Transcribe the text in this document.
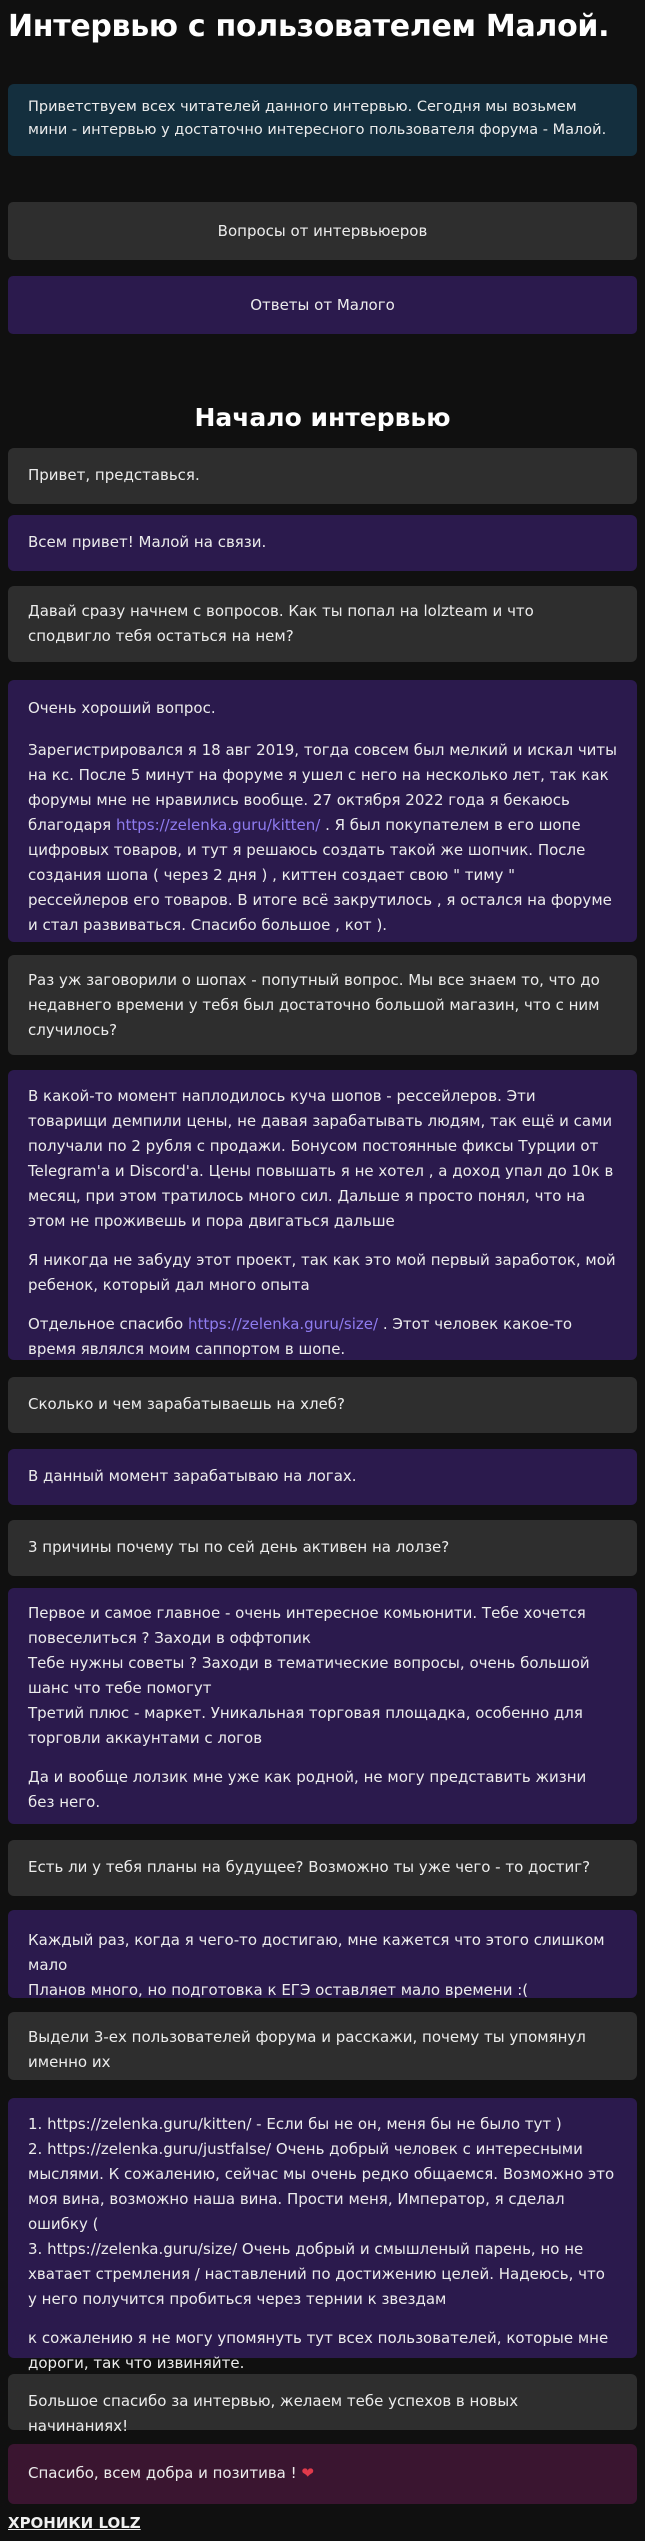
Интервью с пользователем Малой.

Приветствуем всех читателей данного интервью. Сегодня мы возьмем мини - интервью у достаточно интересного пользователя форума - Малой.

Вопросы от интервьюеров
Ответы от Малого
Начало интервью

Привет, представься.

Всем привет! Малой на связи.

Давай сразу начнем с вопросов. Как ты попал на lolzteam и что сподвигло тебя остаться на нем?

Очень хороший вопрос.

Зарегистрировался я 18 авг 2019, тогда совсем был мелкий и искал читы на кс. После 5 минут на форуме я ушел с него на несколько лет, так как форумы мне не нравились вообще. 27 октября 2022 года я бекаюсь благодаря https://zelenka.guru/kitten/ . Я был покупателем в его шопе цифровых товаров, и тут я решаюсь создать такой же шопчик. После создания шопа ( через 2 дня ) , киттен создает свою " тиму " рессейлеров его товаров. В итоге всё закрутилось , я остался на форуме и стал развиваться. Спасибо большое , кот ).

Раз уж заговорили о шопах - попутный вопрос. Мы все знаем то, что до недавнего времени у тебя был достаточно большой магазин, что с ним случилось?

В какой-то момент наплодилось куча шопов - рессейлеров. Эти товарищи демпили цены, не давая зарабатывать людям, так ещё и сами получали по 2 рубля с продажи. Бонусом постоянные фиксы Турции от Telegram'а и Discord'а. Цены повышать я не хотел , а доход упал до 10к в месяц, при этом тратилось много сил. Дальше я просто понял, что на этом не проживешь и пора двигаться дальше

Я никогда не забуду этот проект, так как это мой первый заработок, мой ребенок, который дал много опыта

Отдельное спасибо https://zelenka.guru/size/ . Этот человек какое-то время являлся моим саппортом в шопе.

Сколько и чем зарабатываешь на хлеб?

В данный момент зарабатываю на логах.

3 причины почему ты по сей день активен на лолзе?

Первое и самое главное - очень интересное комьюнити. Тебе хочется повеселиться ? Заходи в оффтопик
Тебе нужны советы ? Заходи в тематические вопросы, очень большой шанс что тебе помогут
Третий плюс - маркет. Уникальная торговая площадка, особенно для торговли аккаунтами с логов

Да и вообще лолзик мне уже как родной, не могу представить жизни без него.

Есть ли у тебя планы на будущее? Возможно ты уже чего - то достиг?

Каждый раз, когда я чего-то достигаю, мне кажется что этого слишком мало
Планов много, но подготовка к ЕГЭ оставляет мало времени :(

Выдели 3-ех пользователей форума и расскажи, почему ты упомянул именно их

1. https://zelenka.guru/kitten/ - Если бы не он, меня бы не было тут )
2. https://zelenka.guru/justfalse/ Очень добрый человек с интересными мыслями. К сожалению, сейчас мы очень редко общаемся. Возможно это моя вина, возможно наша вина. Прости меня, Император, я сделал ошибку (
3. https://zelenka.guru/size/ Очень добрый и смышленый парень, но не хватает стремления / наставлений по достижению целей. Надеюсь, что у него получится пробиться через тернии к звездам

к сожалению я не могу упомянуть тут всех пользователей, которые мне дороги, так что извиняйте.

Большое спасибо за интервью, желаем тебе успехов в новых начинаниях!

Спасибо, всем добра и позитива ! ❤

ХРОНИКИ LOLZ
